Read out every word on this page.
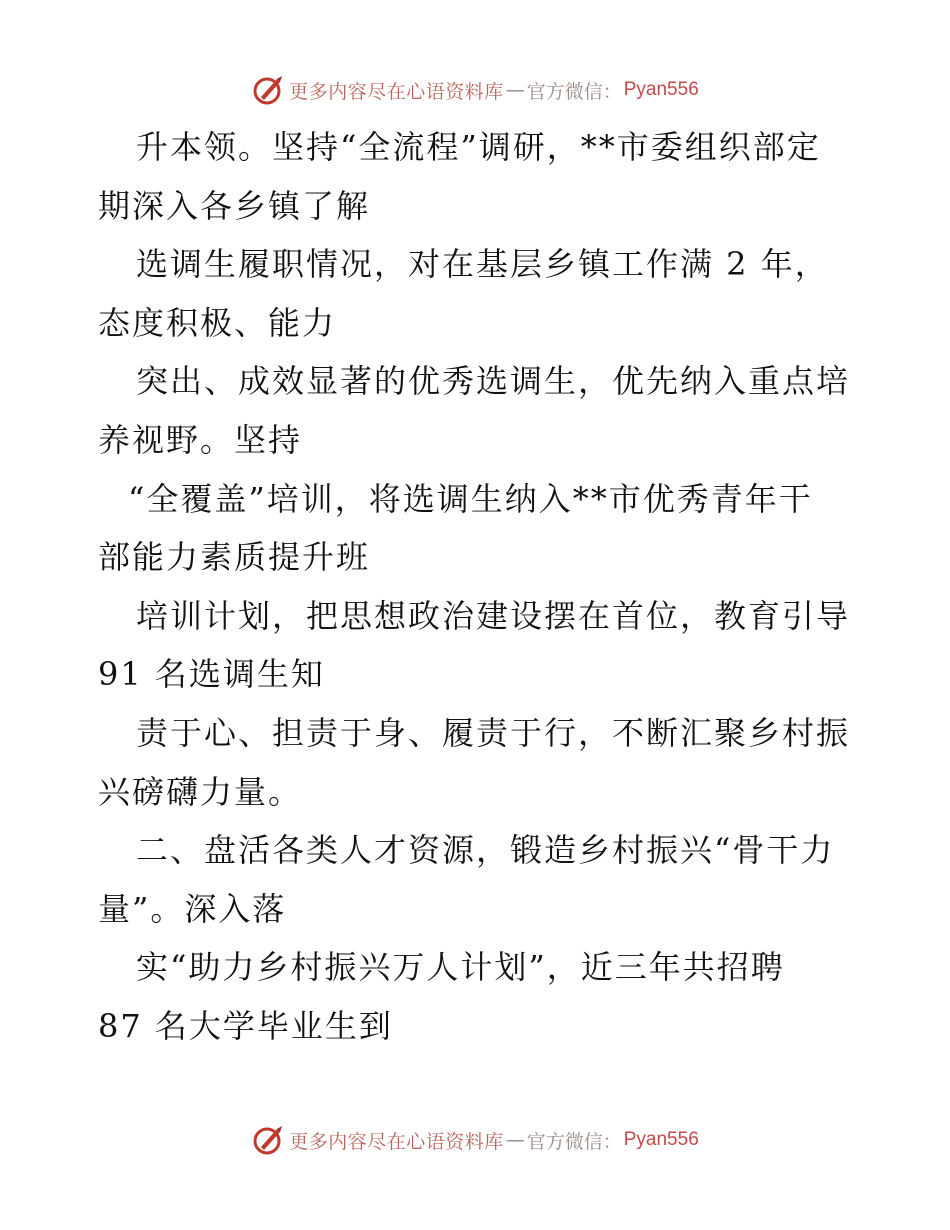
更多内容尽在心语资料库 — 官方微信： Pyan556
升本领。坚持“全流程”调研，**市委组织部定
期深入各乡镇了解
选调生履职情况，对在基层乡镇工作满 2 年，
态度积极、能力
突出、成效显著的优秀选调生，优先纳入重点培
养视野。坚持
“全覆盖”培训，将选调生纳入**市优秀青年干
部能力素质提升班
培训计划，把思想政治建设摆在首位，教育引导
91 名选调生知
责于心、担责于身、履责于行，不断汇聚乡村振
兴磅礴力量。
二、盘活各类人才资源，锻造乡村振兴“骨干力
量”。深入落
实“助力乡村振兴万人计划”，近三年共招聘
87 名大学毕业生到
更多内容尽在心语资料库 — 官方微信： Pyan556
